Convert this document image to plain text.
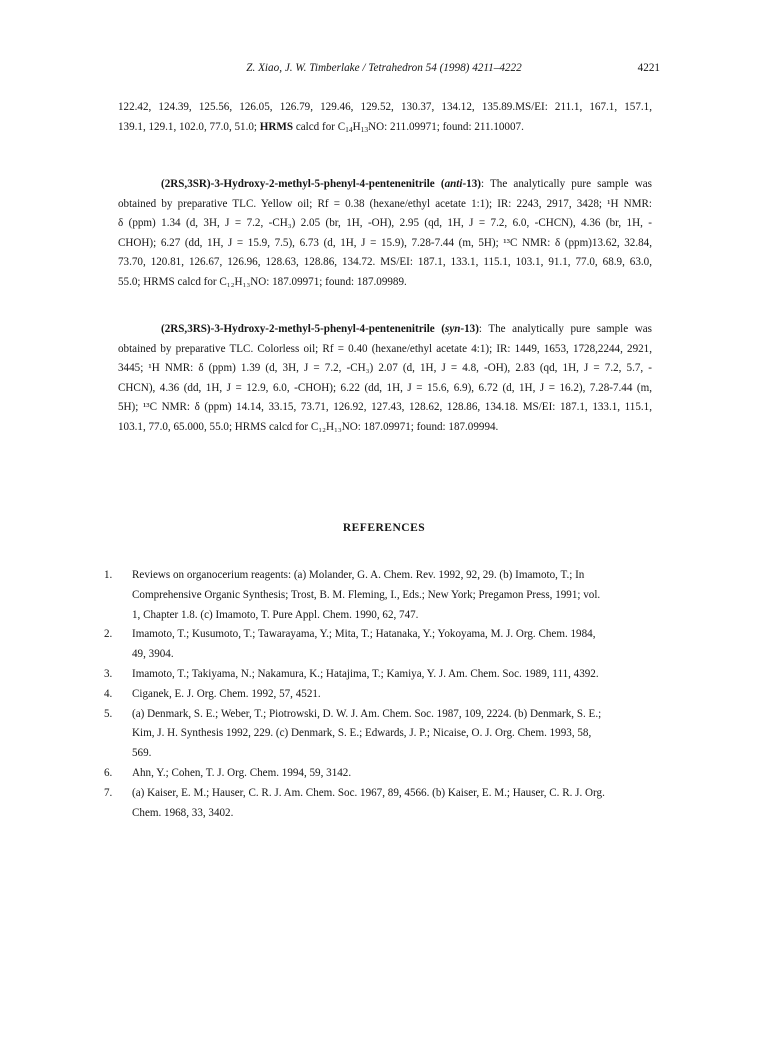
Z. Xiao, J. W. Timberlake / Tetrahedron 54 (1998) 4211–4222	4221
122.42, 124.39, 125.56, 126.05, 126.79, 129.46, 129.52, 130.37, 134.12, 135.89.MS/EI: 211.1, 167.1, 157.1,
139.1, 129.1, 102.0, 77.0, 51.0; HRMS calcd for $C_{14}H_{13}NO$: 211.09971; found: 211.10007.
(2RS,3SR)-3-Hydroxy-2-methyl-5-phenyl-4-pentenenitrile (anti-13): The analytically pure sample was
obtained by preparative TLC. Yellow oil; Rf = 0.38 (hexane/ethyl acetate 1:1); IR: 2243, 2917, 3428; ¹H NMR:
δ (ppm) 1.34 (d, 3H, J = 7.2, -CH₃) 2.05 (br, 1H, -OH), 2.95 (qd, 1H, J = 7.2, 6.0, -CHCN), 4.36 (br, 1H, -
CHOH); 6.27 (dd, 1H, J = 15.9, 7.5), 6.73 (d, 1H, J = 15.9), 7.28-7.44 (m, 5H); ¹³C NMR: δ (ppm)13.62, 32.84,
73.70, 120.81, 126.67, 126.96, 128.63, 128.86, 134.72. MS/EI: 187.1, 133.1, 115.1, 103.1, 91.1, 77.0, 68.9, 63.0,
55.0; HRMS calcd for C₁₂H₁₃NO: 187.09971; found: 187.09989.
(2RS,3RS)-3-Hydroxy-2-methyl-5-phenyl-4-pentenenitrile (syn-13): The analytically pure sample was
obtained by preparative TLC. Colorless oil; Rf = 0.40 (hexane/ethyl acetate 4:1); IR: 1449, 1653, 1728,2244, 2921,
3445; ¹H NMR: δ (ppm) 1.39 (d, 3H, J = 7.2, -CH₃) 2.07 (d, 1H, J = 4.8, -OH), 2.83 (qd, 1H, J = 7.2, 5.7, -
CHCN), 4.36 (dd, 1H, J = 12.9, 6.0, -CHOH); 6.22 (dd, 1H, J = 15.6, 6.9), 6.72 (d, 1H, J = 16.2), 7.28-7.44 (m,
5H); ¹³C NMR: δ (ppm) 14.14, 33.15, 73.71, 126.92, 127.43, 128.62, 128.86, 134.18. MS/EI: 187.1, 133.1, 115.1,
103.1, 77.0, 65.000, 55.0; HRMS calcd for C₁₂H₁₃NO: 187.09971; found: 187.09994.
REFERENCES
1.	Reviews on organocerium reagents: (a) Molander, G. A. Chem. Rev. 1992, 92, 29. (b) Imamoto, T.; In
Comprehensive Organic Synthesis; Trost, B. M. Fleming, I., Eds.; New York; Pregamon Press, 1991; vol.
1, Chapter 1.8. (c) Imamoto, T. Pure Appl. Chem. 1990, 62, 747.
2.	Imamoto, T.; Kusumoto, T.; Tawarayama, Y.; Mita, T.; Hatanaka, Y.; Yokoyama, M. J. Org. Chem. 1984,
49, 3904.
3.	Imamoto, T.; Takiyama, N.; Nakamura, K.; Hatajima, T.; Kamiya, Y. J. Am. Chem. Soc. 1989, 111, 4392.
4.	Ciganek, E. J. Org. Chem. 1992, 57, 4521.
5.	(a) Denmark, S. E.; Weber, T.; Piotrowski, D. W. J. Am. Chem. Soc. 1987, 109, 2224. (b) Denmark, S. E.;
Kim, J. H. Synthesis 1992, 229. (c) Denmark, S. E.; Edwards, J. P.; Nicaise, O. J. Org. Chem. 1993, 58,
569.
6.	Ahn, Y.; Cohen, T. J. Org. Chem. 1994, 59, 3142.
7.	(a) Kaiser, E. M.; Hauser, C. R. J. Am. Chem. Soc. 1967, 89, 4566. (b) Kaiser, E. M.; Hauser, C. R. J. Org.
Chem. 1968, 33, 3402.
